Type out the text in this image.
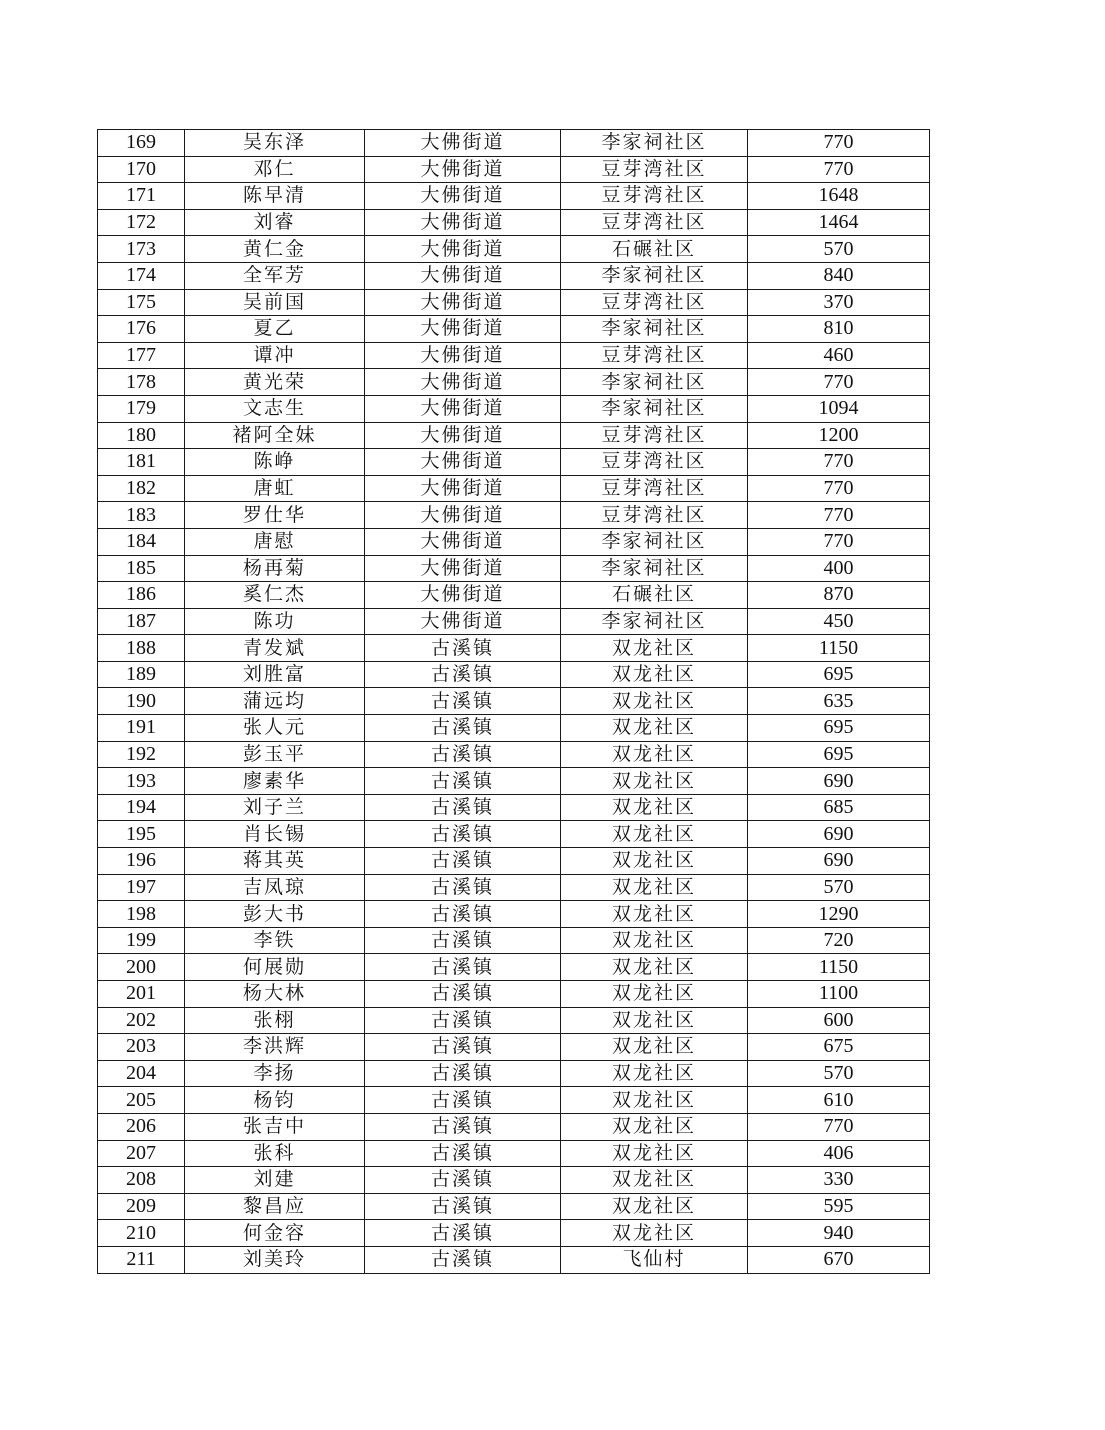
169	吴东泽	大佛街道	李家祠社区	770
170	邓仁	大佛街道	豆芽湾社区	770
171	陈早清	大佛街道	豆芽湾社区	1648
172	刘睿	大佛街道	豆芽湾社区	1464
173	黄仁金	大佛街道	石碾社区	570
174	全军芳	大佛街道	李家祠社区	840
175	吴前国	大佛街道	豆芽湾社区	370
176	夏乙	大佛街道	李家祠社区	810
177	谭冲	大佛街道	豆芽湾社区	460
178	黄光荣	大佛街道	李家祠社区	770
179	文志生	大佛街道	李家祠社区	1094
180	褚阿全妹	大佛街道	豆芽湾社区	1200
181	陈峥	大佛街道	豆芽湾社区	770
182	唐虹	大佛街道	豆芽湾社区	770
183	罗仕华	大佛街道	豆芽湾社区	770
184	唐慰	大佛街道	李家祠社区	770
185	杨再菊	大佛街道	李家祠社区	400
186	奚仁杰	大佛街道	石碾社区	870
187	陈功	大佛街道	李家祠社区	450
188	青发斌	古溪镇	双龙社区	1150
189	刘胜富	古溪镇	双龙社区	695
190	蒲远均	古溪镇	双龙社区	635
191	张人元	古溪镇	双龙社区	695
192	彭玉平	古溪镇	双龙社区	695
193	廖素华	古溪镇	双龙社区	690
194	刘子兰	古溪镇	双龙社区	685
195	肖长锡	古溪镇	双龙社区	690
196	蒋其英	古溪镇	双龙社区	690
197	吉凤琼	古溪镇	双龙社区	570
198	彭大书	古溪镇	双龙社区	1290
199	李铁	古溪镇	双龙社区	720
200	何展勋	古溪镇	双龙社区	1150
201	杨大林	古溪镇	双龙社区	1100
202	张栩	古溪镇	双龙社区	600
203	李洪辉	古溪镇	双龙社区	675
204	李扬	古溪镇	双龙社区	570
205	杨钧	古溪镇	双龙社区	610
206	张吉中	古溪镇	双龙社区	770
207	张科	古溪镇	双龙社区	406
208	刘建	古溪镇	双龙社区	330
209	黎昌应	古溪镇	双龙社区	595
210	何金容	古溪镇	双龙社区	940
211	刘美玲	古溪镇	飞仙村	670
